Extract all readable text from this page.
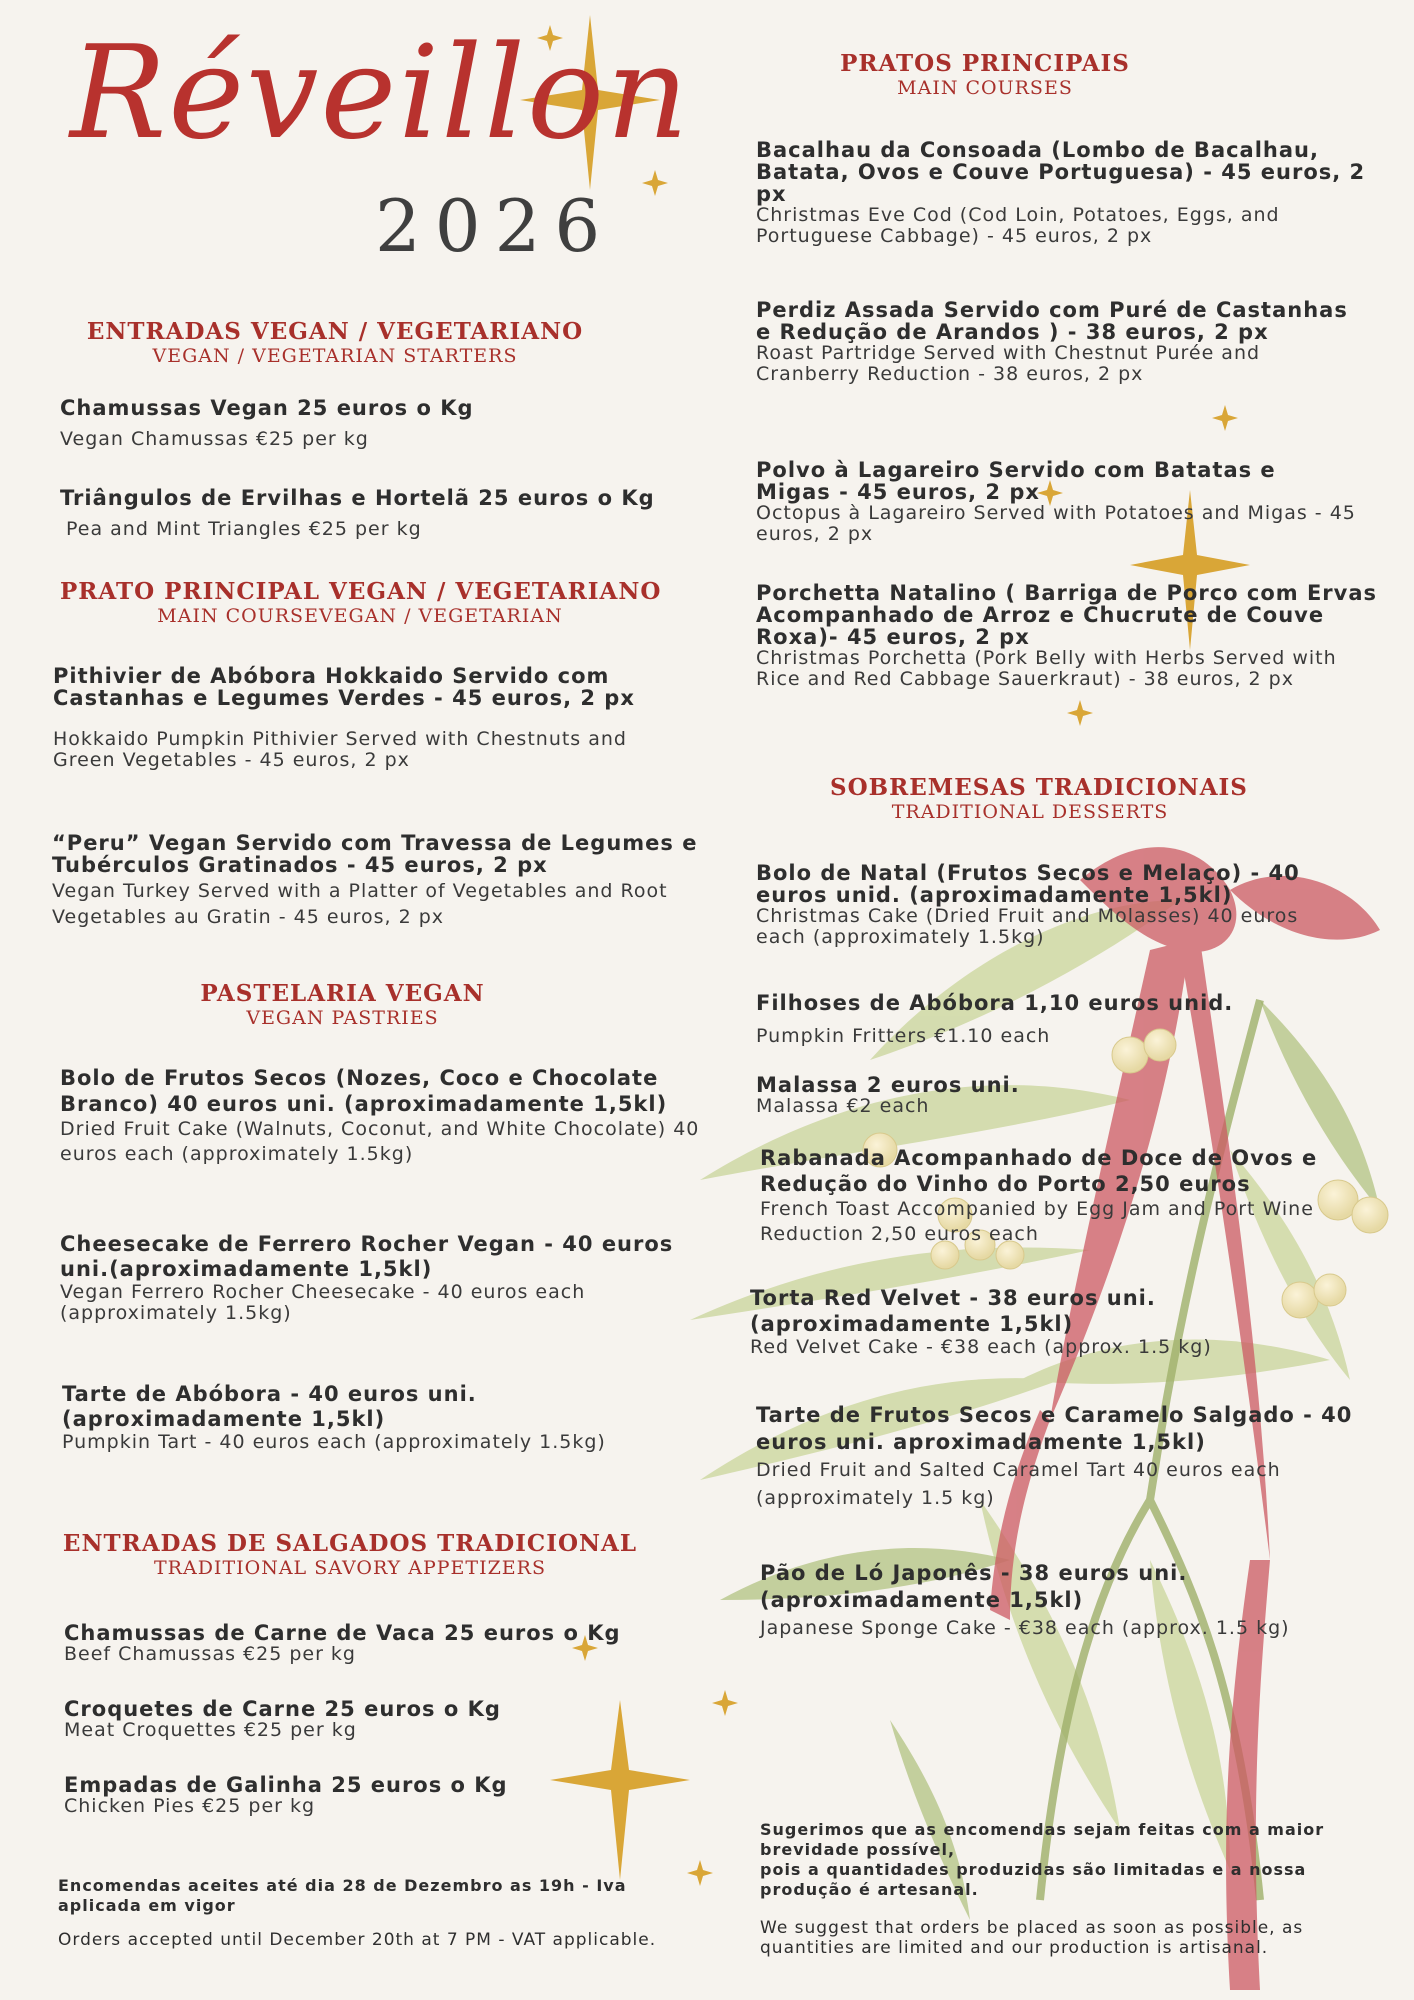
Réveillon
2026
ENTRADAS VEGAN / VEGETARIANO
VEGAN / VEGETARIAN STARTERS
Chamussas Vegan 25 euros o Kg
Vegan Chamussas €25 per kg
Triângulos de Ervilhas e Hortelã 25 euros o Kg
Pea and Mint Triangles €25 per kg
PRATO PRINCIPAL VEGAN / VEGETARIANO
MAIN COURSEVEGAN / VEGETARIAN
Pithivier de Abóbora Hokkaido Servido com Castanhas e Legumes Verdes - 45 euros, 2 px
Hokkaido Pumpkin Pithivier Served with Chestnuts and Green Vegetables - 45 euros, 2 px
“Peru” Vegan Servido com Travessa de Legumes e Tubérculos Gratinados - 45 euros, 2 px
Vegan Turkey Served with a Platter of Vegetables and Root Vegetables au Gratin - 45 euros, 2 px
PASTELARIA VEGAN
VEGAN PASTRIES
Bolo de Frutos Secos (Nozes, Coco e Chocolate Branco) 40 euros uni. (aproximadamente 1,5kl)
Dried Fruit Cake (Walnuts, Coconut, and White Chocolate) 40 euros each (approximately 1.5kg)
Cheesecake de Ferrero Rocher Vegan - 40 euros uni.(aproximadamente 1,5kl)
Vegan Ferrero Rocher Cheesecake - 40 euros each (approximately 1.5kg)
Tarte de Abóbora - 40 euros uni. (aproximadamente 1,5kl)
Pumpkin Tart - 40 euros each (approximately 1.5kg)
ENTRADAS DE SALGADOS TRADICIONAL
TRADITIONAL SAVORY APPETIZERS
Chamussas de Carne de Vaca 25 euros o Kg
Beef Chamussas €25 per kg
Croquetes de Carne 25 euros o Kg
Meat Croquettes €25 per kg
Empadas de Galinha 25 euros o Kg
Chicken Pies €25 per kg
Encomendas aceites até dia 28 de Dezembro as 19h - Iva aplicada em vigor
Orders accepted until December 20th at 7 PM - VAT applicable.
PRATOS PRINCIPAIS
MAIN COURSES
Bacalhau da Consoada (Lombo de Bacalhau, Batata, Ovos e Couve Portuguesa) - 45 euros, 2 px
Christmas Eve Cod (Cod Loin, Potatoes, Eggs, and Portuguese Cabbage) - 45 euros, 2 px
Perdiz Assada Servido com Puré de Castanhas e Redução de Arandos ) - 38 euros, 2 px
Roast Partridge Served with Chestnut Purée and Cranberry Reduction - 38 euros, 2 px
Polvo à Lagareiro Servido com Batatas e Migas - 45 euros, 2 px
Octopus à Lagareiro Served with Potatoes and Migas - 45 euros, 2 px
Porchetta Natalino ( Barriga de Porco com Ervas Acompanhado de Arroz e Chucrute de Couve Roxa)- 45 euros, 2 px
Christmas Porchetta (Pork Belly with Herbs Served with Rice and Red Cabbage Sauerkraut) - 38 euros, 2 px
SOBREMESAS TRADICIONAIS
TRADITIONAL DESSERTS
Bolo de Natal (Frutos Secos e Melaço) - 40 euros unid. (aproximadamente 1,5kl)
Christmas Cake (Dried Fruit and Molasses) 40 euros each (approximately 1.5kg)
Filhoses de Abóbora 1,10 euros unid.
Pumpkin Fritters €1.10 each
Malassa 2 euros uni.
Malassa €2 each
Rabanada Acompanhado de Doce de Ovos e Redução do Vinho do Porto 2,50 euros
French Toast Accompanied by Egg Jam and Port Wine Reduction 2,50 euros each
Torta Red Velvet - 38 euros uni. (aproximadamente 1,5kl)
Red Velvet Cake - €38 each (approx. 1.5 kg)
Tarte de Frutos Secos e Caramelo Salgado - 40 euros uni. aproximadamente 1,5kl)
Dried Fruit and Salted Caramel Tart 40 euros each (approximately 1.5 kg)
Pão de Ló Japonês - 38 euros uni. (aproximadamente 1,5kl)
Japanese Sponge Cake - €38 each (approx. 1.5 kg)
Sugerimos que as encomendas sejam feitas com a maior brevidade possível,
pois a quantidades produzidas são limitadas e a nossa produção é artesanal.
We suggest that orders be placed as soon as possible, as quantities are limited and our production is artisanal.
